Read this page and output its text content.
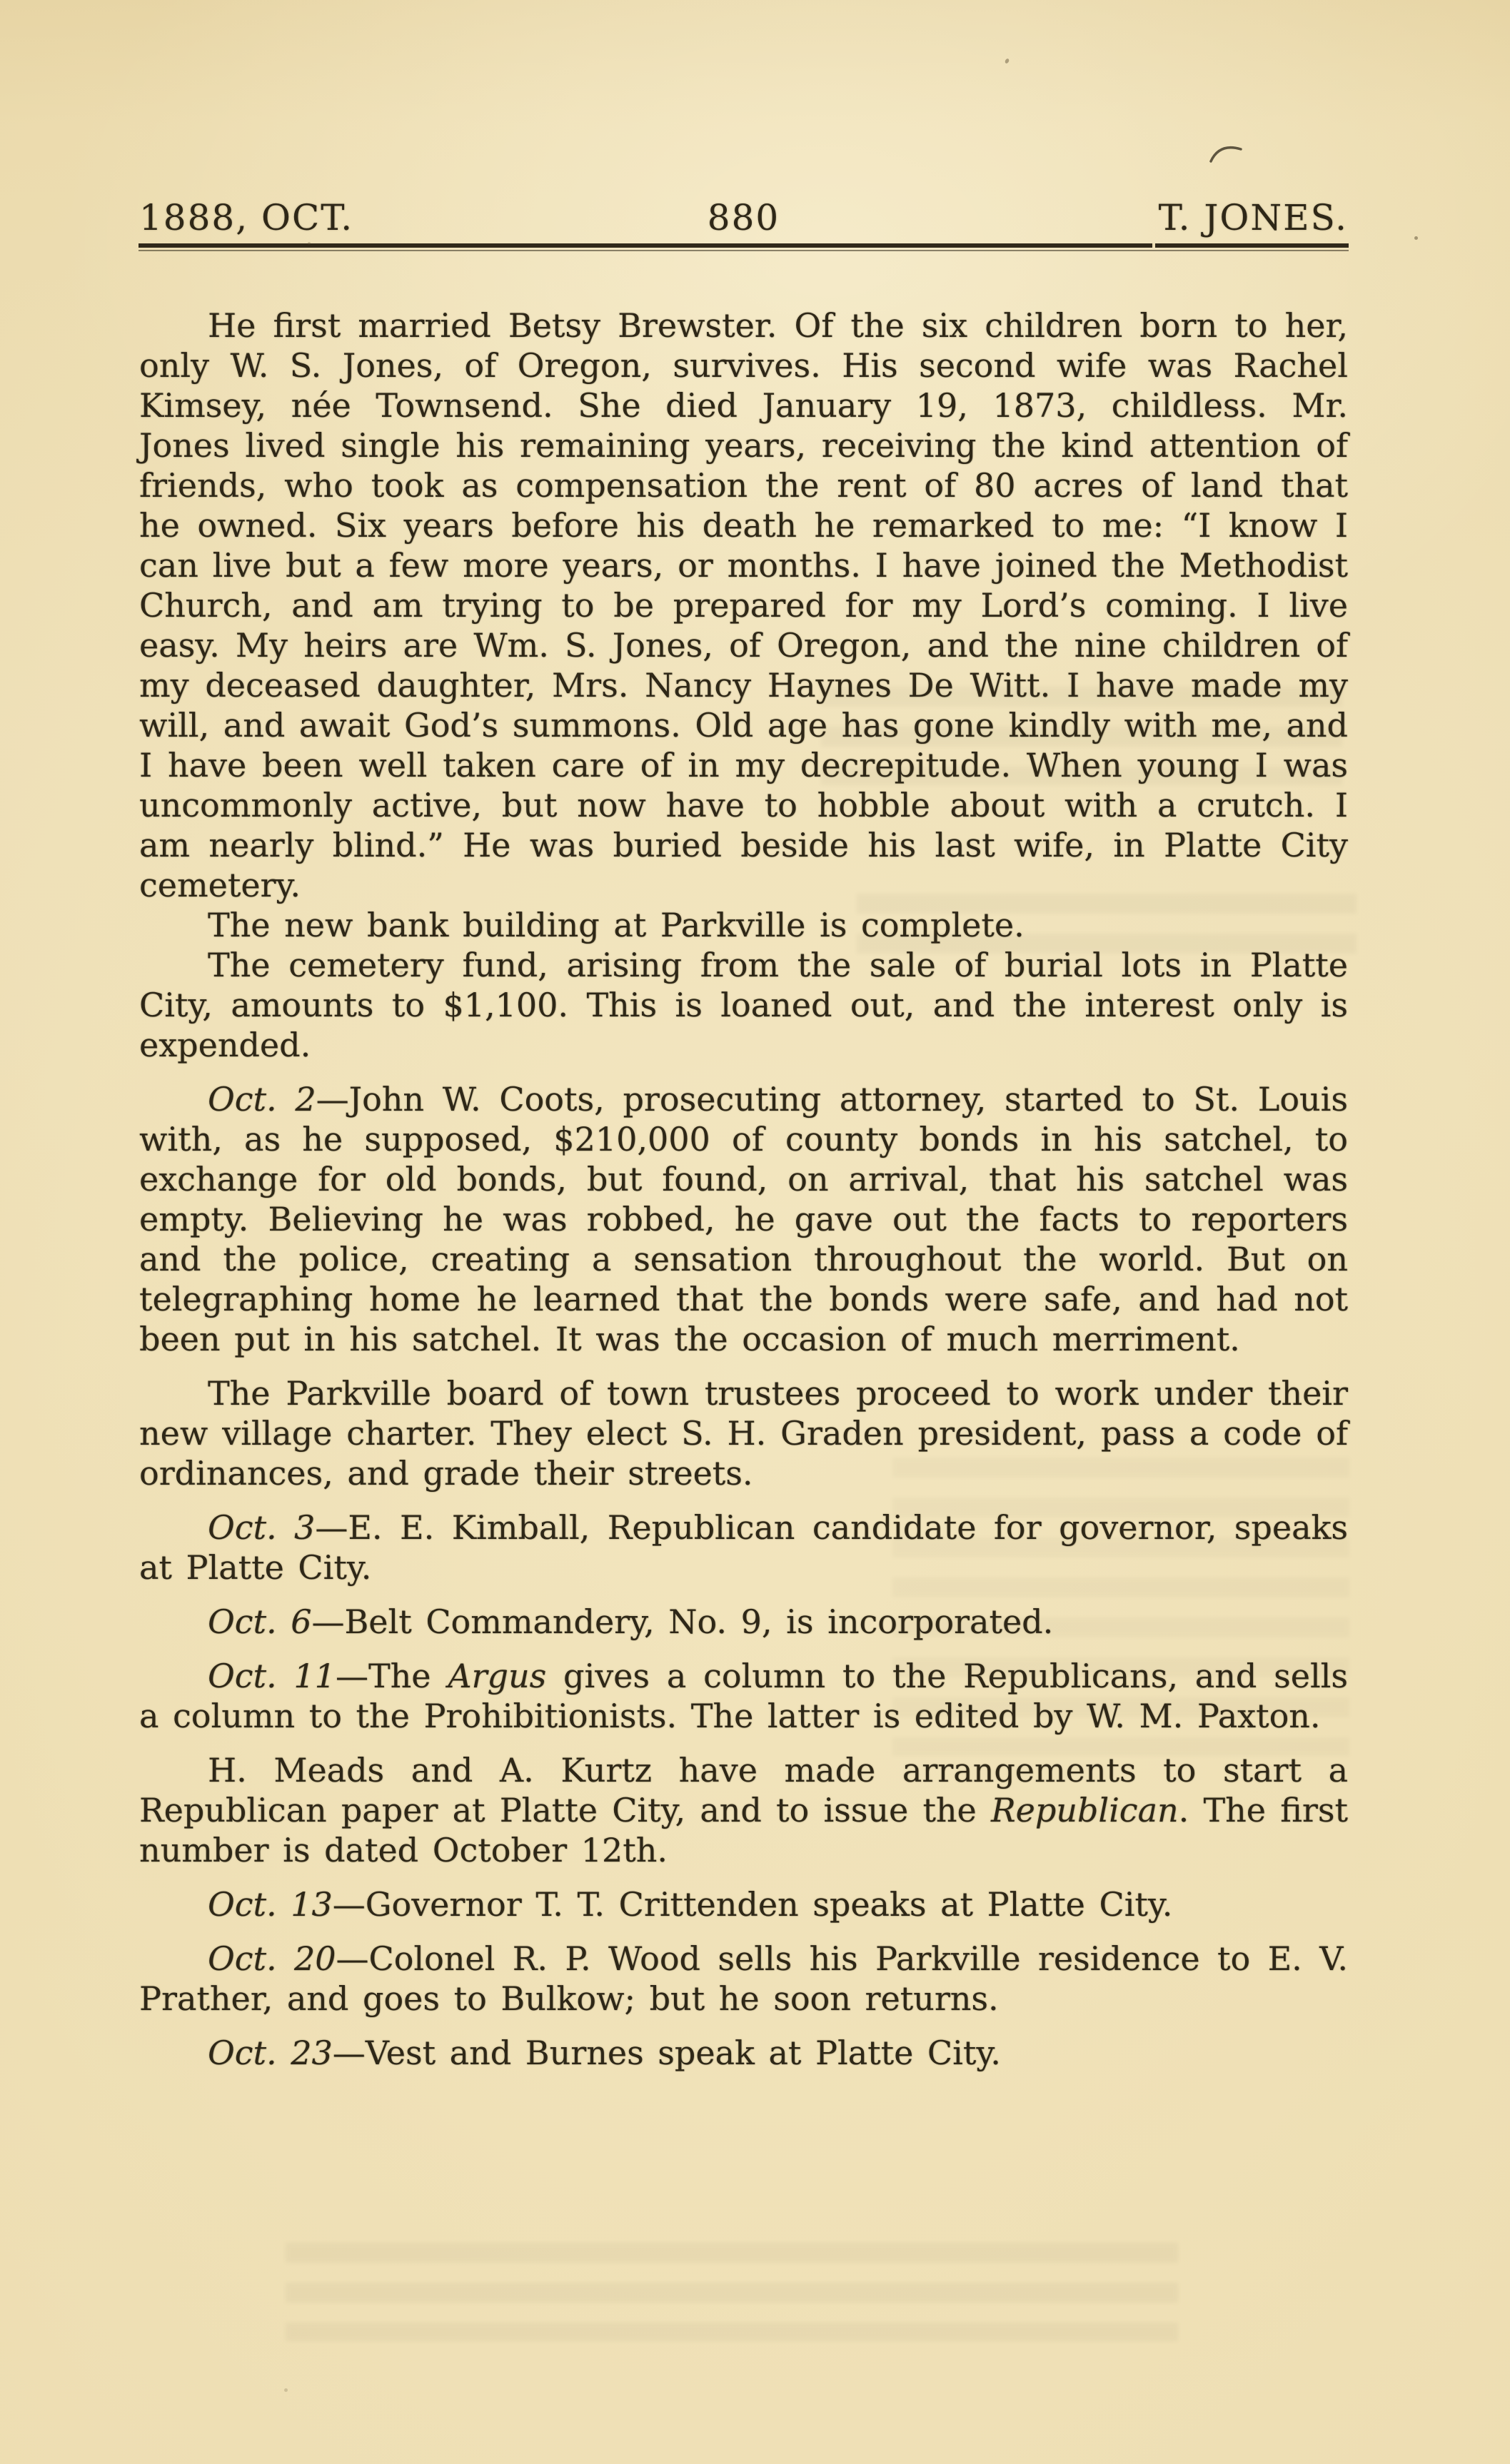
1888, OCT.	880	T. JONES.

He first married Betsy Brewster. Of the six children born to her, only W. S. Jones, of Oregon, survives. His second wife was Rachel Kimsey, née Townsend. She died January 19, 1873, childless. Mr. Jones lived single his remaining years, receiving the kind attention of friends, who took as compensation the rent of 80 acres of land that he owned. Six years before his death he remarked to me: “I know I can live but a few more years, or months. I have joined the Methodist Church, and am trying to be prepared for my Lord’s coming. I live easy. My heirs are Wm. S. Jones, of Oregon, and the nine children of my deceased daughter, Mrs. Nancy Haynes De Witt. I have made my will, and await God’s summons. Old age has gone kindly with me, and I have been well taken care of in my decrepitude. When young I was uncommonly active, but now have to hobble about with a crutch. I am nearly blind.” He was buried beside his last wife, in Platte City cemetery.

The new bank building at Parkville is complete.

The cemetery fund, arising from the sale of burial lots in Platte City, amounts to $1,100. This is loaned out, and the interest only is expended.

Oct. 2—John W. Coots, prosecuting attorney, started to St. Louis with, as he supposed, $210,000 of county bonds in his satchel, to exchange for old bonds, but found, on arrival, that his satchel was empty. Believing he was robbed, he gave out the facts to reporters and the police, creating a sensation throughout the world. But on telegraphing home he learned that the bonds were safe, and had not been put in his satchel. It was the occasion of much merriment.

The Parkville board of town trustees proceed to work under their new village charter. They elect S. H. Graden president, pass a code of ordinances, and grade their streets.

Oct. 3—E. E. Kimball, Republican candidate for governor, speaks at Platte City.

Oct. 6—Belt Commandery, No. 9, is incorporated.

Oct. 11—The Argus gives a column to the Republicans, and sells a column to the Prohibitionists. The latter is edited by W. M. Paxton.

H. Meads and A. Kurtz have made arrangements to start a Republican paper at Platte City, and to issue the Republican. The first number is dated October 12th.

Oct. 13—Governor T. T. Crittenden speaks at Platte City.

Oct. 20—Colonel R. P. Wood sells his Parkville residence to E. V. Prather, and goes to Bulkow; but he soon returns.

Oct. 23—Vest and Burnes speak at Platte City.
